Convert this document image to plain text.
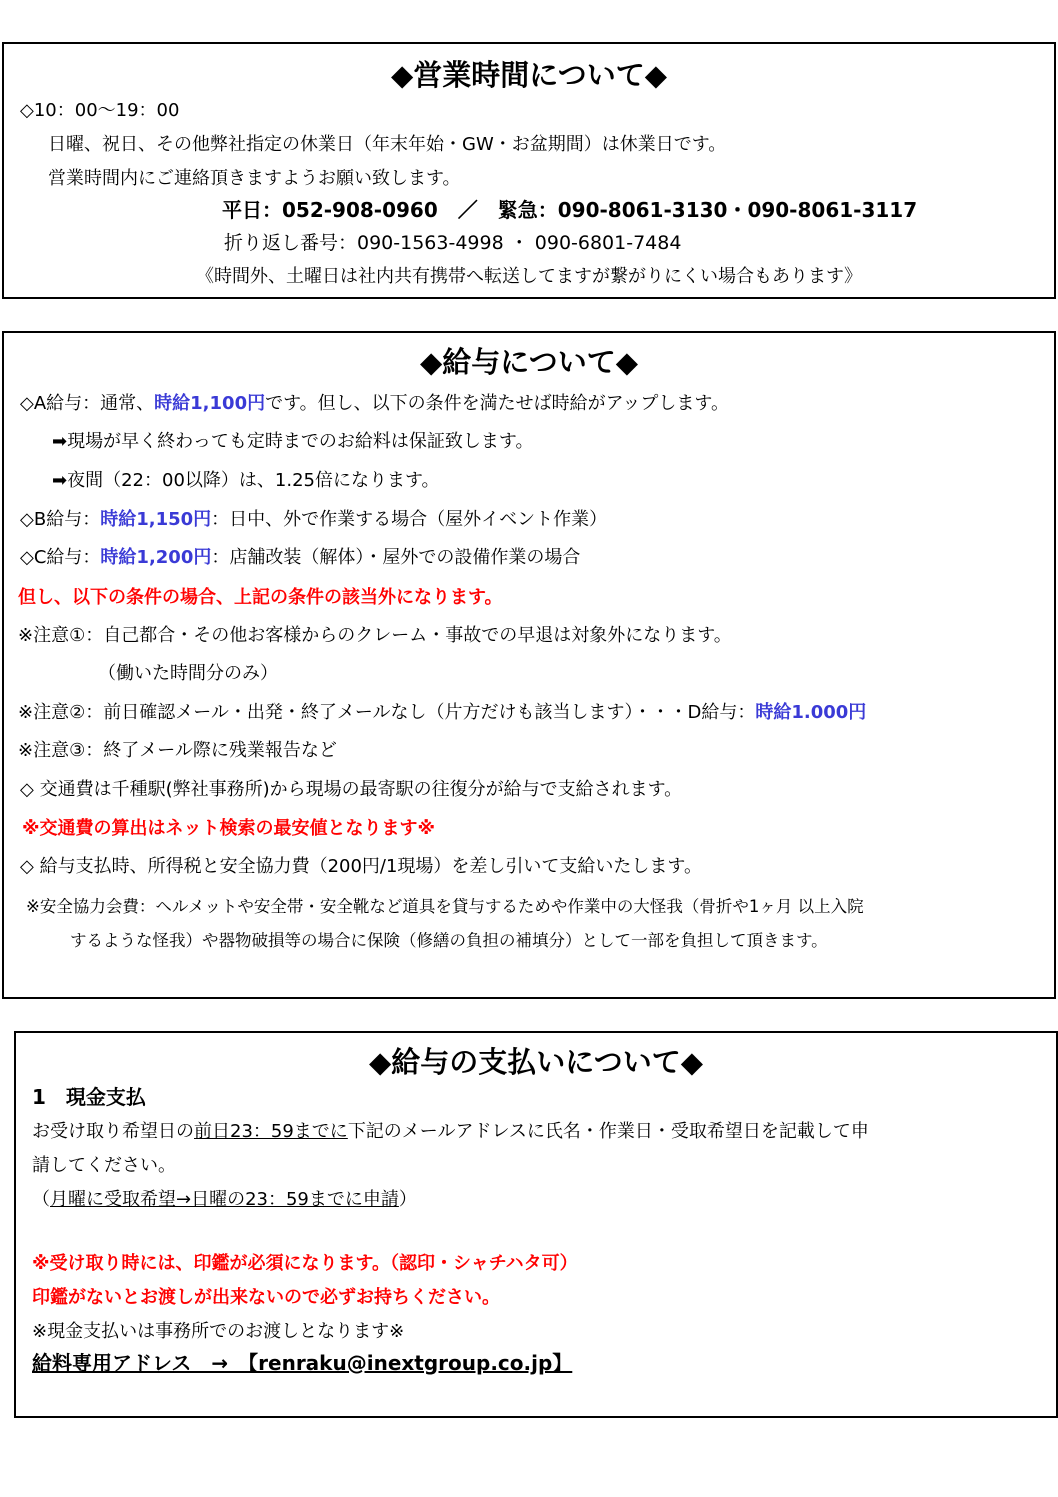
◆営業時間について◆
◇10：00～19：00
日曜、祝日、その他弊社指定の休業日（年末年始・GW・お盆期間）は休業日です。
営業時間内にご連絡頂きますようお願い致します。
平日：052-908-0960　／　緊急：090-8061-3130・090-8061-3117
折り返し番号：090-1563-4998 ・ 090-6801-7484
《時間外、土曜日は社内共有携帯へ転送してますが繋がりにくい場合もあります》
◆給与について◆
◇A給与：通常、時給1,100円です。但し、以下の条件を満たせば時給がアップします。
➡現場が早く終わっても定時までのお給料は保証致します。
➡夜間（22：00以降）は、1.25倍になります。
◇B給与：時給1,150円：日中、外で作業する場合（屋外イベント作業）
◇C給与：時給1,200円：店舗改装（解体）・屋外での設備作業の場合
但し、以下の条件の場合、上記の条件の該当外になります。
※注意①：自己都合・その他お客様からのクレーム・事故での早退は対象外になります。
（働いた時間分のみ）
※注意②：前日確認メール・出発・終了メールなし（片方だけも該当します）・・・D給与：時給1.000円
※注意③：終了メール際に残業報告など
◇ 交通費は千種駅(弊社事務所)から現場の最寄駅の往復分が給与で支給されます。
※交通費の算出はネット検索の最安値となります※
◇ 給与支払時、所得税と安全協力費（200円/1現場）を差し引いて支給いたします。
※安全協力会費：ヘルメットや安全帯・安全靴など道具を貸与するためや作業中の大怪我（骨折や1ヶ月 以上入院
するような怪我）や器物破損等の場合に保険（修繕の負担の補填分）として一部を負担して頂きます。
◆給与の支払いについて◆
1　現金支払
お受け取り希望日の前日23：59までに下記のメールアドレスに氏名・作業日・受取希望日を記載して申
請してください。
（月曜に受取希望→日曜の23：59までに申請）
※受け取り時には、印鑑が必須になります。（認印・シャチハタ可）
印鑑がないとお渡しが出来ないので必ずお持ちください。
※現金支払いは事務所でのお渡しとなります※
給料専用アドレス　→　【renraku@inextgroup.co.jp】
